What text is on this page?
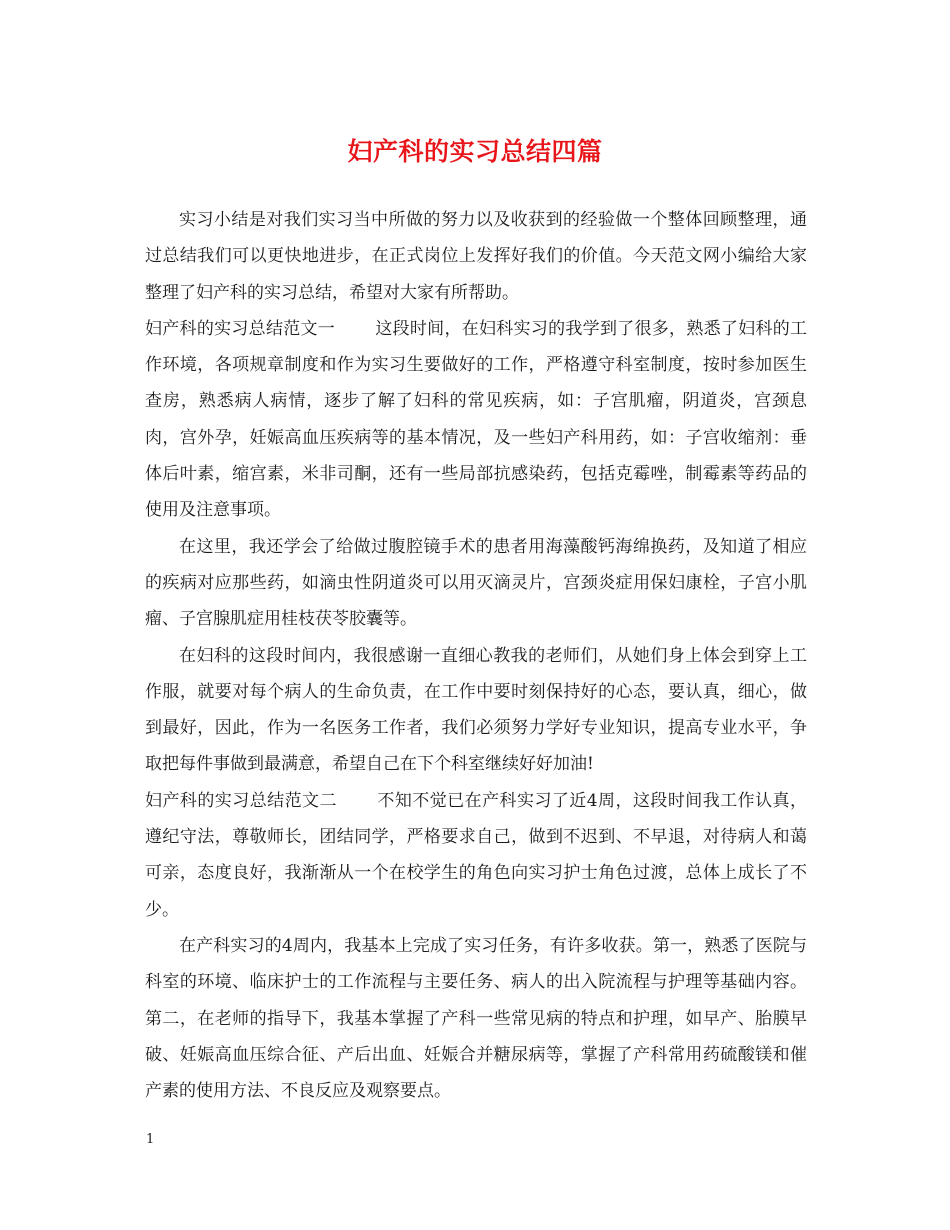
妇产科的实习总结四篇

实习小结是对我们实习当中所做的努力以及收获到的经验做一个整体回顾整理，通过总结我们可以更快地进步，在正式岗位上发挥好我们的价值。今天范文网小编给大家整理了妇产科的实习总结，希望对大家有所帮助。

妇产科的实习总结范文一 这段时间，在妇科实习的我学到了很多，熟悉了妇科的工作环境，各项规章制度和作为实习生要做好的工作，严格遵守科室制度，按时参加医生查房，熟悉病人病情，逐步了解了妇科的常见疾病，如：子宫肌瘤，阴道炎，宫颈息肉，宫外孕，妊娠高血压疾病等的基本情况，及一些妇产科用药，如：子宫收缩剂：垂体后叶素，缩宫素，米非司酮，还有一些局部抗感染药，包括克霉唑，制霉素等药品的使用及注意事项。

在这里，我还学会了给做过腹腔镜手术的患者用海藻酸钙海绵换药，及知道了相应的疾病对应那些药，如滴虫性阴道炎可以用灭滴灵片，宫颈炎症用保妇康栓，子宫小肌瘤、子宫腺肌症用桂枝茯苓胶囊等。

在妇科的这段时间内，我很感谢一直细心教我的老师们，从她们身上体会到穿上工作服，就要对每个病人的生命负责，在工作中要时刻保持好的心态，要认真，细心，做到最好，因此，作为一名医务工作者，我们必须努力学好专业知识，提高专业水平，争取把每件事做到最满意，希望自己在下个科室继续好好加油!

妇产科的实习总结范文二 不知不觉已在产科实习了近4周，这段时间我工作认真，遵纪守法，尊敬师长，团结同学，严格要求自己，做到不迟到、不早退，对待病人和蔼可亲，态度良好，我渐渐从一个在校学生的角色向实习护士角色过渡，总体上成长了不少。

在产科实习的4周内，我基本上完成了实习任务，有许多收获。第一，熟悉了医院与科室的环境、临床护士的工作流程与主要任务、病人的出入院流程与护理等基础内容。第二，在老师的指导下，我基本掌握了产科一些常见病的特点和护理，如早产、胎膜早破、妊娠高血压综合征、产后出血、妊娠合并糖尿病等，掌握了产科常用药硫酸镁和催产素的使用方法、不良反应及观察要点。

1
